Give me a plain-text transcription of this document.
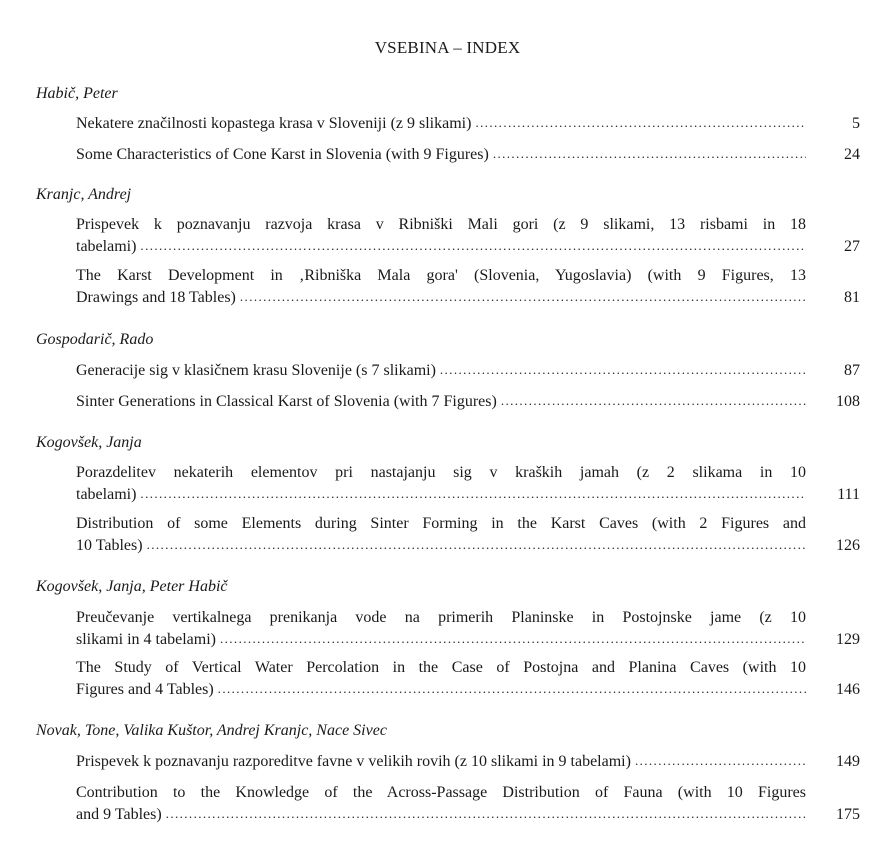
VSEBINA – INDEX
Habič, Peter
Nekatere značilnosti kopastega krasa v Sloveniji (z 9 slikami) .....	5
Some Characteristics of Cone Karst in Slovenia (with 9 Figures) .....	24
Kranjc, Andrej
Prispevek k poznavanju razvoja krasa v Ribniški Mali gori (z 9 slikami, 13 risbami in 18
tabelami) .....	27
The Karst Development in ‚Ribniška Mala gora' (Slovenia, Yugoslavia) (with 9 Figures, 13
Drawings and 18 Tables) .....	81
Gospodarič, Rado
Generacije sig v klasičnem krasu Slovenije (s 7 slikami) .....	87
Sinter Generations in Classical Karst of Slovenia (with 7 Figures) .....	108
Kogovšek, Janja
Porazdelitev nekaterih elementov pri nastajanju sig v kraških jamah (z 2 slikama in 10
tabelami) .....	111
Distribution of some Elements during Sinter Forming in the Karst Caves (with 2 Figures and
10 Tables) .....	126
Kogovšek, Janja, Peter Habič
Preučevanje vertikalnega prenikanja vode na primerih Planinske in Postojnske jame (z 10
slikami in 4 tabelami) .....	129
The Study of Vertical Water Percolation in the Case of Postojna and Planina Caves (with 10
Figures and 4 Tables) .....	146
Novak, Tone, Valika Kuštor, Andrej Kranjc, Nace Sivec
Prispevek k poznavanju razporeditve favne v velikih rovih (z 10 slikami in 9 tabelami) .....	149
Contribution to the Knowledge of the Across-Passage Distribution of Fauna (with 10 Figures
and 9 Tables) .....	175
